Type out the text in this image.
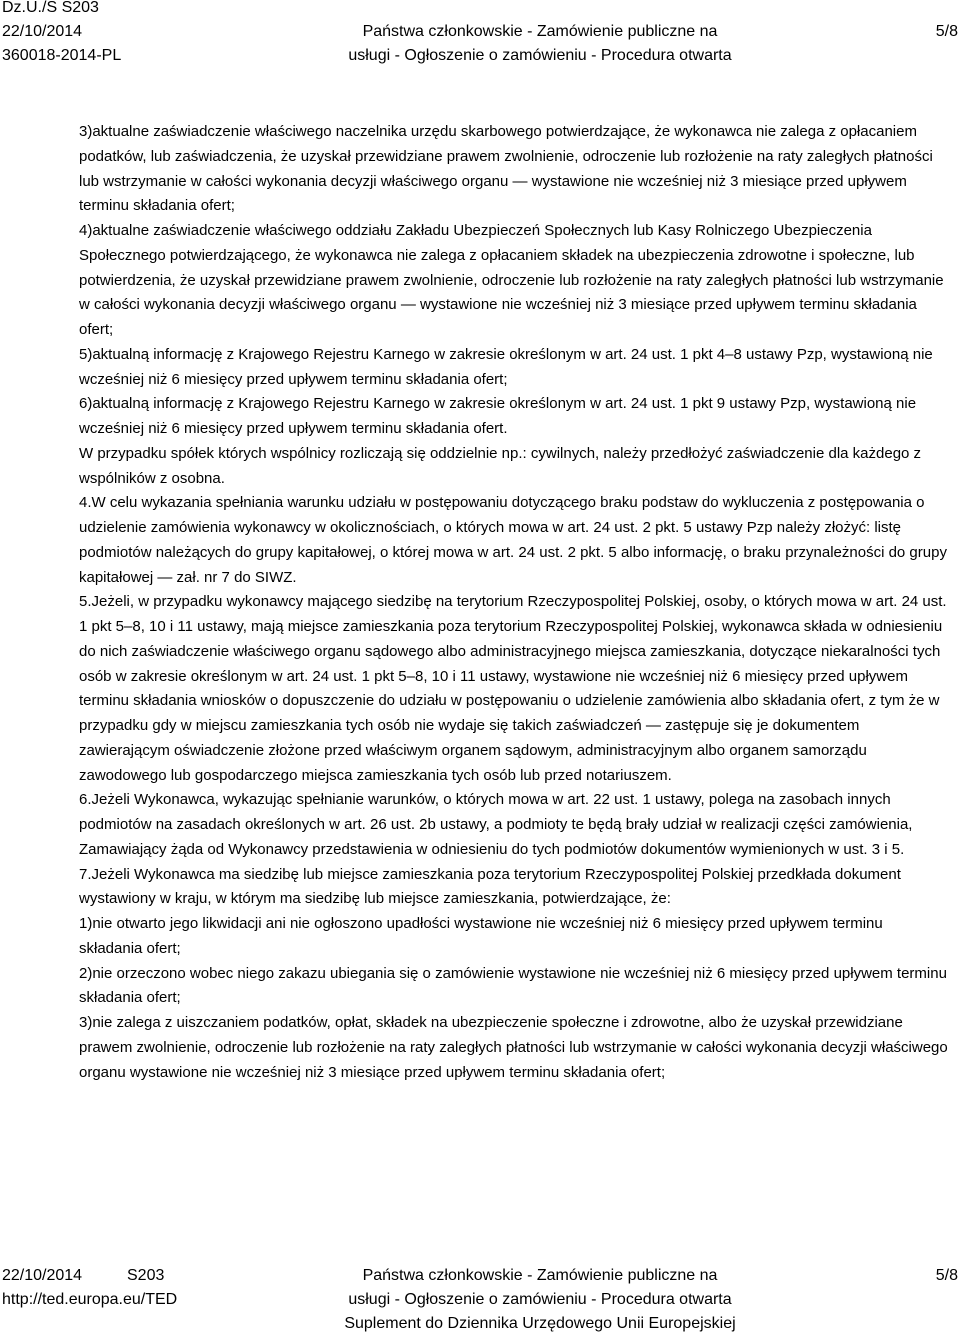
Dz.U./S S203
22/10/2014
360018-2014-PL
Państwa członkowskie - Zamówienie publiczne na
usługi - Ogłoszenie o zamówieniu - Procedura otwarta
5/8

3)aktualne zaświadczenie właściwego naczelnika urzędu skarbowego potwierdzające, że wykonawca nie zalega z opłacaniem podatków, lub zaświadczenia, że uzyskał przewidziane prawem zwolnienie, odroczenie lub rozłożenie na raty zaległych płatności lub wstrzymanie w całości wykonania decyzji właściwego organu — wystawione nie wcześniej niż 3 miesiące przed upływem terminu składania ofert;

4)aktualne zaświadczenie właściwego oddziału Zakładu Ubezpieczeń Społecznych lub Kasy Rolniczego Ubezpieczenia Społecznego potwierdzającego, że wykonawca nie zalega z opłacaniem składek na ubezpieczenia zdrowotne i społeczne, lub potwierdzenia, że uzyskał przewidziane prawem zwolnienie, odroczenie lub rozłożenie na raty zaległych płatności lub wstrzymanie w całości wykonania decyzji właściwego organu — wystawione nie wcześniej niż 3 miesiące przed upływem terminu składania ofert;

5)aktualną informację z Krajowego Rejestru Karnego w zakresie określonym w art. 24 ust. 1 pkt 4–8 ustawy Pzp, wystawioną nie wcześniej niż 6 miesięcy przed upływem terminu składania ofert;

6)aktualną informację z Krajowego Rejestru Karnego w zakresie określonym w art. 24 ust. 1 pkt 9 ustawy Pzp, wystawioną nie wcześniej niż 6 miesięcy przed upływem terminu składania ofert.

W przypadku spółek których wspólnicy rozliczają się oddzielnie np.: cywilnych, należy przedłożyć zaświadczenie dla każdego z wspólników z osobna.

4.W celu wykazania spełniania warunku udziału w postępowaniu dotyczącego braku podstaw do wykluczenia z postępowania o udzielenie zamówienia wykonawcy w okolicznościach, o których mowa w art. 24 ust. 2 pkt. 5 ustawy Pzp należy złożyć: listę podmiotów należących do grupy kapitałowej, o której mowa w art. 24 ust. 2 pkt. 5 albo informację, o braku przynależności do grupy kapitałowej — zał. nr 7 do SIWZ.

5.Jeżeli, w przypadku wykonawcy mającego siedzibę na terytorium Rzeczypospolitej Polskiej, osoby, o których mowa w art. 24 ust. 1 pkt 5–8, 10 i 11 ustawy, mają miejsce zamieszkania poza terytorium Rzeczypospolitej Polskiej, wykonawca składa w odniesieniu do nich zaświadczenie właściwego organu sądowego albo administracyjnego miejsca zamieszkania, dotyczące niekaralności tych osób w zakresie określonym w art. 24 ust. 1 pkt 5–8, 10 i 11 ustawy, wystawione nie wcześniej niż 6 miesięcy przed upływem terminu składania wniosków o dopuszczenie do udziału w postępowaniu o udzielenie zamówienia albo składania ofert, z tym że w przypadku gdy w miejscu zamieszkania tych osób nie wydaje się takich zaświadczeń — zastępuje się je dokumentem zawierającym oświadczenie złożone przed właściwym organem sądowym, administracyjnym albo organem samorządu zawodowego lub gospodarczego miejsca zamieszkania tych osób lub przed notariuszem.

6.Jeżeli Wykonawca, wykazując spełnianie warunków, o których mowa w art. 22 ust. 1 ustawy, polega na zasobach innych podmiotów na zasadach określonych w art. 26 ust. 2b ustawy, a podmioty te będą brały udział w realizacji części zamówienia, Zamawiający żąda od Wykonawcy przedstawienia w odniesieniu do tych podmiotów dokumentów wymienionych w ust. 3 i 5.

7.Jeżeli Wykonawca ma siedzibę lub miejsce zamieszkania poza terytorium Rzeczypospolitej Polskiej przedkłada dokument wystawiony w kraju, w którym ma siedzibę lub miejsce zamieszkania, potwierdzające, że:

1)nie otwarto jego likwidacji ani nie ogłoszono upadłości wystawione nie wcześniej niż 6 miesięcy przed upływem terminu składania ofert;

2)nie orzeczono wobec niego zakazu ubiegania się o zamówienie wystawione nie wcześniej niż 6 miesięcy przed upływem terminu składania ofert;

3)nie zalega z uiszczaniem podatków, opłat, składek na ubezpieczenie społeczne i zdrowotne, albo że uzyskał przewidziane prawem zwolnienie, odroczenie lub rozłożenie na raty zaległych płatności lub wstrzymanie w całości wykonania decyzji właściwego organu wystawione nie wcześniej niż 3 miesiące przed upływem terminu składania ofert;

22/10/2014	S203
http://ted.europa.eu/TED
Państwa członkowskie - Zamówienie publiczne na
usługi - Ogłoszenie o zamówieniu - Procedura otwarta
Suplement do Dziennika Urzędowego Unii Europejskiej
5/8
